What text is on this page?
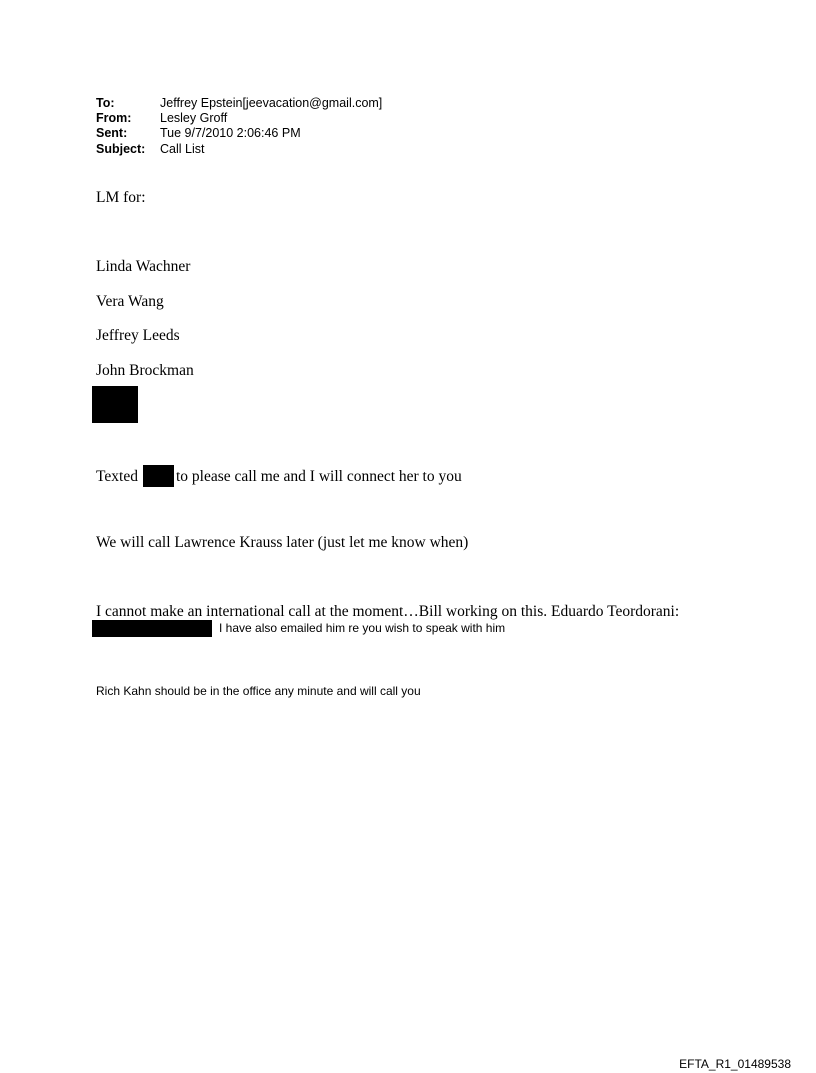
To:	Jeffrey Epstein[jeevacation@gmail.com]
From:	Lesley Groff
Sent:	Tue 9/7/2010 2:06:46 PM
Subject:	Call List
LM for:
Linda Wachner
Vera Wang
Jeffrey Leeds
John Brockman
Texted to please call me and I will connect her to you
We will call Lawrence Krauss later (just let me know when)
I cannot make an international call at the moment…Bill working on this. Eduardo Teordorani:
I have also emailed him re you wish to speak with him
Rich Kahn should be in the office any minute and will call you
EFTA_R1_01489538
